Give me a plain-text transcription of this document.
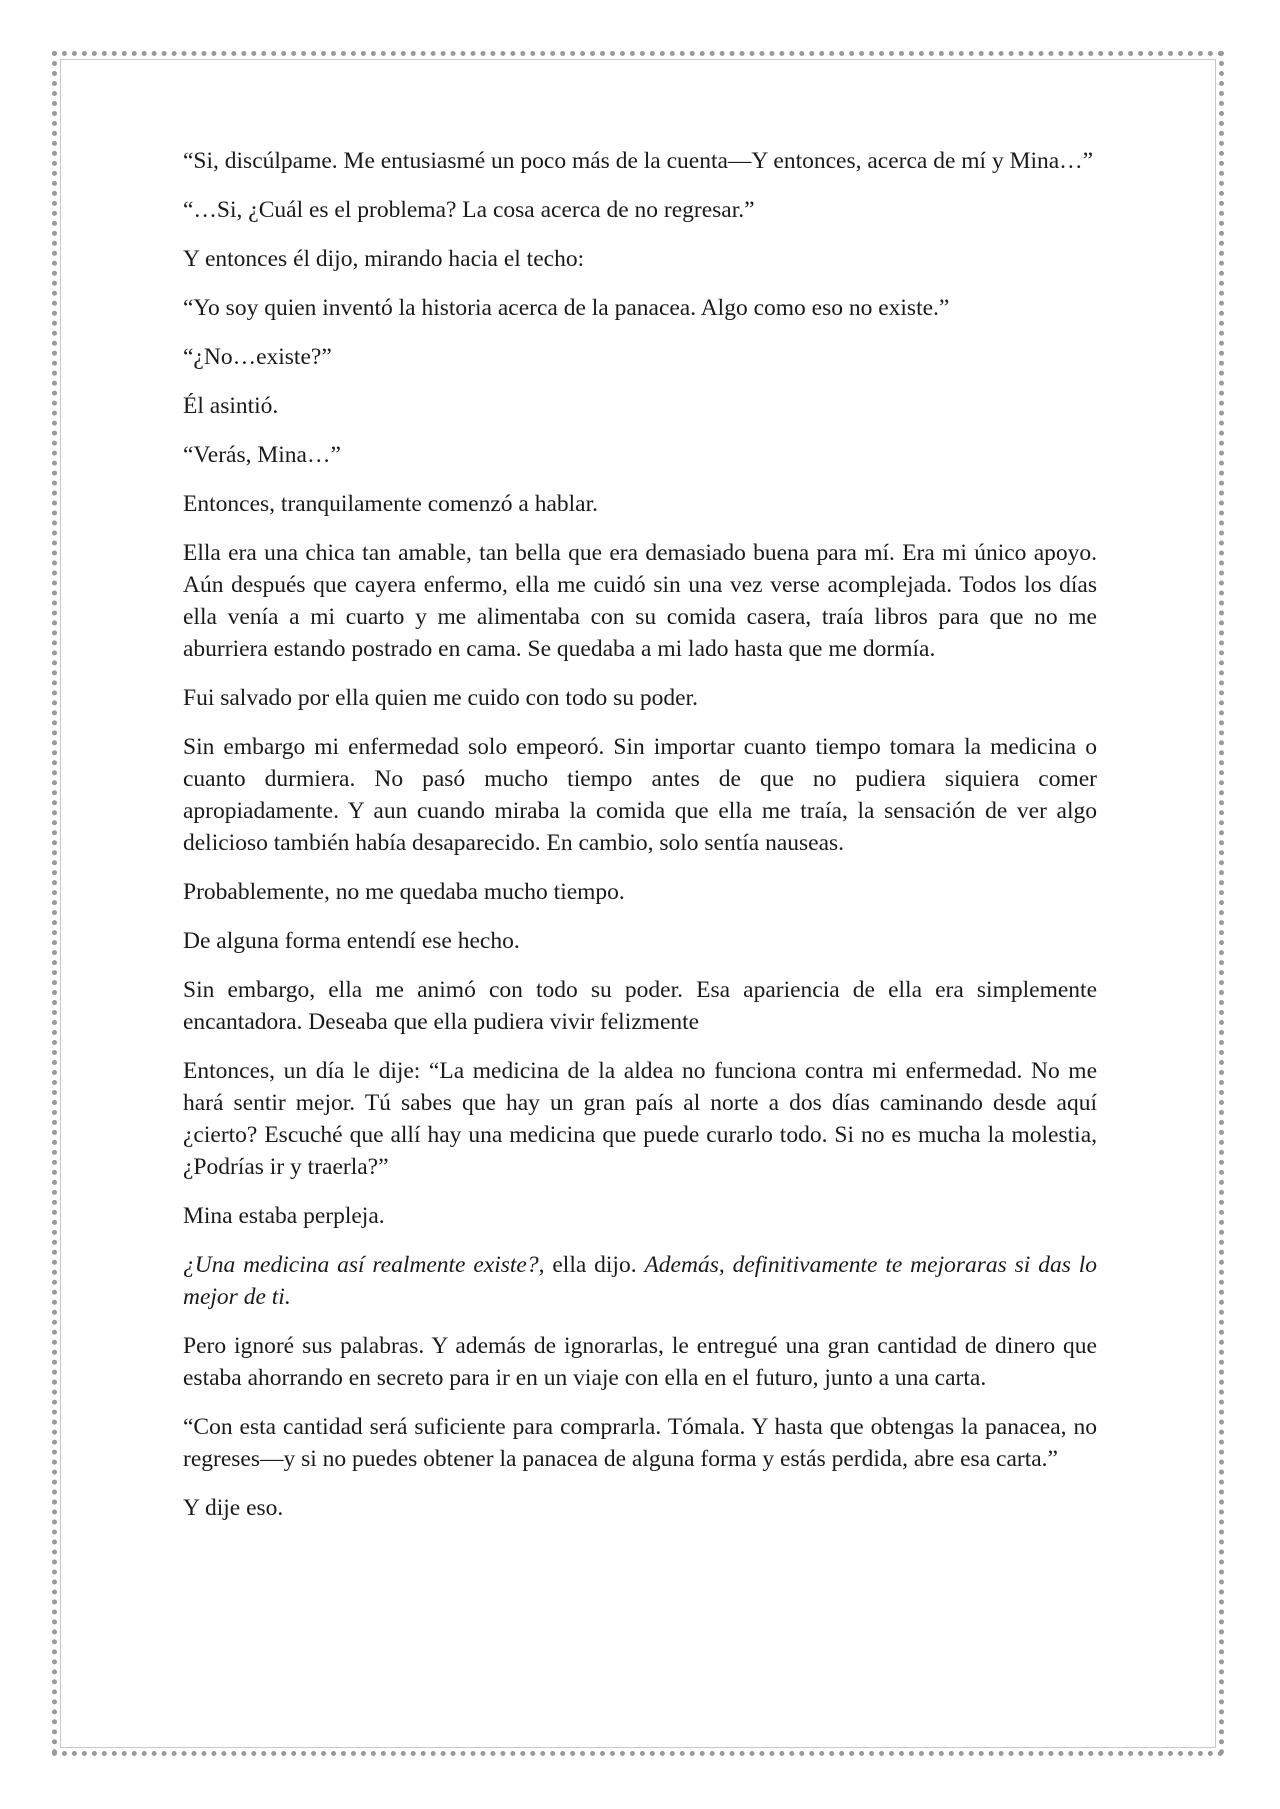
“Si, discúlpame. Me entusiasmé un poco más de la cuenta—Y entonces, acerca de mí y Mina…”

“…Si, ¿Cuál es el problema? La cosa acerca de no regresar.”

Y entonces él dijo, mirando hacia el techo:

“Yo soy quien inventó la historia acerca de la panacea. Algo como eso no existe.”

“¿No…existe?”

Él asintió.

“Verás, Mina…”

Entonces, tranquilamente comenzó a hablar.

Ella era una chica tan amable, tan bella que era demasiado buena para mí. Era mi único apoyo. Aún después que cayera enfermo, ella me cuidó sin una vez verse acomplejada. Todos los días ella venía a mi cuarto y me alimentaba con su comida casera, traía libros para que no me aburriera estando postrado en cama. Se quedaba a mi lado hasta que me dormía.

Fui salvado por ella quien me cuido con todo su poder.

Sin embargo mi enfermedad solo empeoró. Sin importar cuanto tiempo tomara la medicina o cuanto durmiera. No pasó mucho tiempo antes de que no pudiera siquiera comer apropiadamente. Y aun cuando miraba la comida que ella me traía, la sensación de ver algo delicioso también había desaparecido. En cambio, solo sentía nauseas.

Probablemente, no me quedaba mucho tiempo.

De alguna forma entendí ese hecho.

Sin embargo, ella me animó con todo su poder. Esa apariencia de ella era simplemente encantadora. Deseaba que ella pudiera vivir felizmente

Entonces, un día le dije: “La medicina de la aldea no funciona contra mi enfermedad. No me hará sentir mejor. Tú sabes que hay un gran país al norte a dos días caminando desde aquí ¿cierto? Escuché que allí hay una medicina que puede curarlo todo. Si no es mucha la molestia, ¿Podrías ir y traerla?”

Mina estaba perpleja.

¿Una medicina así realmente existe?, ella dijo. Además, definitivamente te mejoraras si das lo mejor de ti.

Pero ignoré sus palabras. Y además de ignorarlas, le entregué una gran cantidad de dinero que estaba ahorrando en secreto para ir en un viaje con ella en el futuro, junto a una carta.

“Con esta cantidad será suficiente para comprarla. Tómala. Y hasta que obtengas la panacea, no regreses—y si no puedes obtener la panacea de alguna forma y estás perdida, abre esa carta.”

Y dije eso.
